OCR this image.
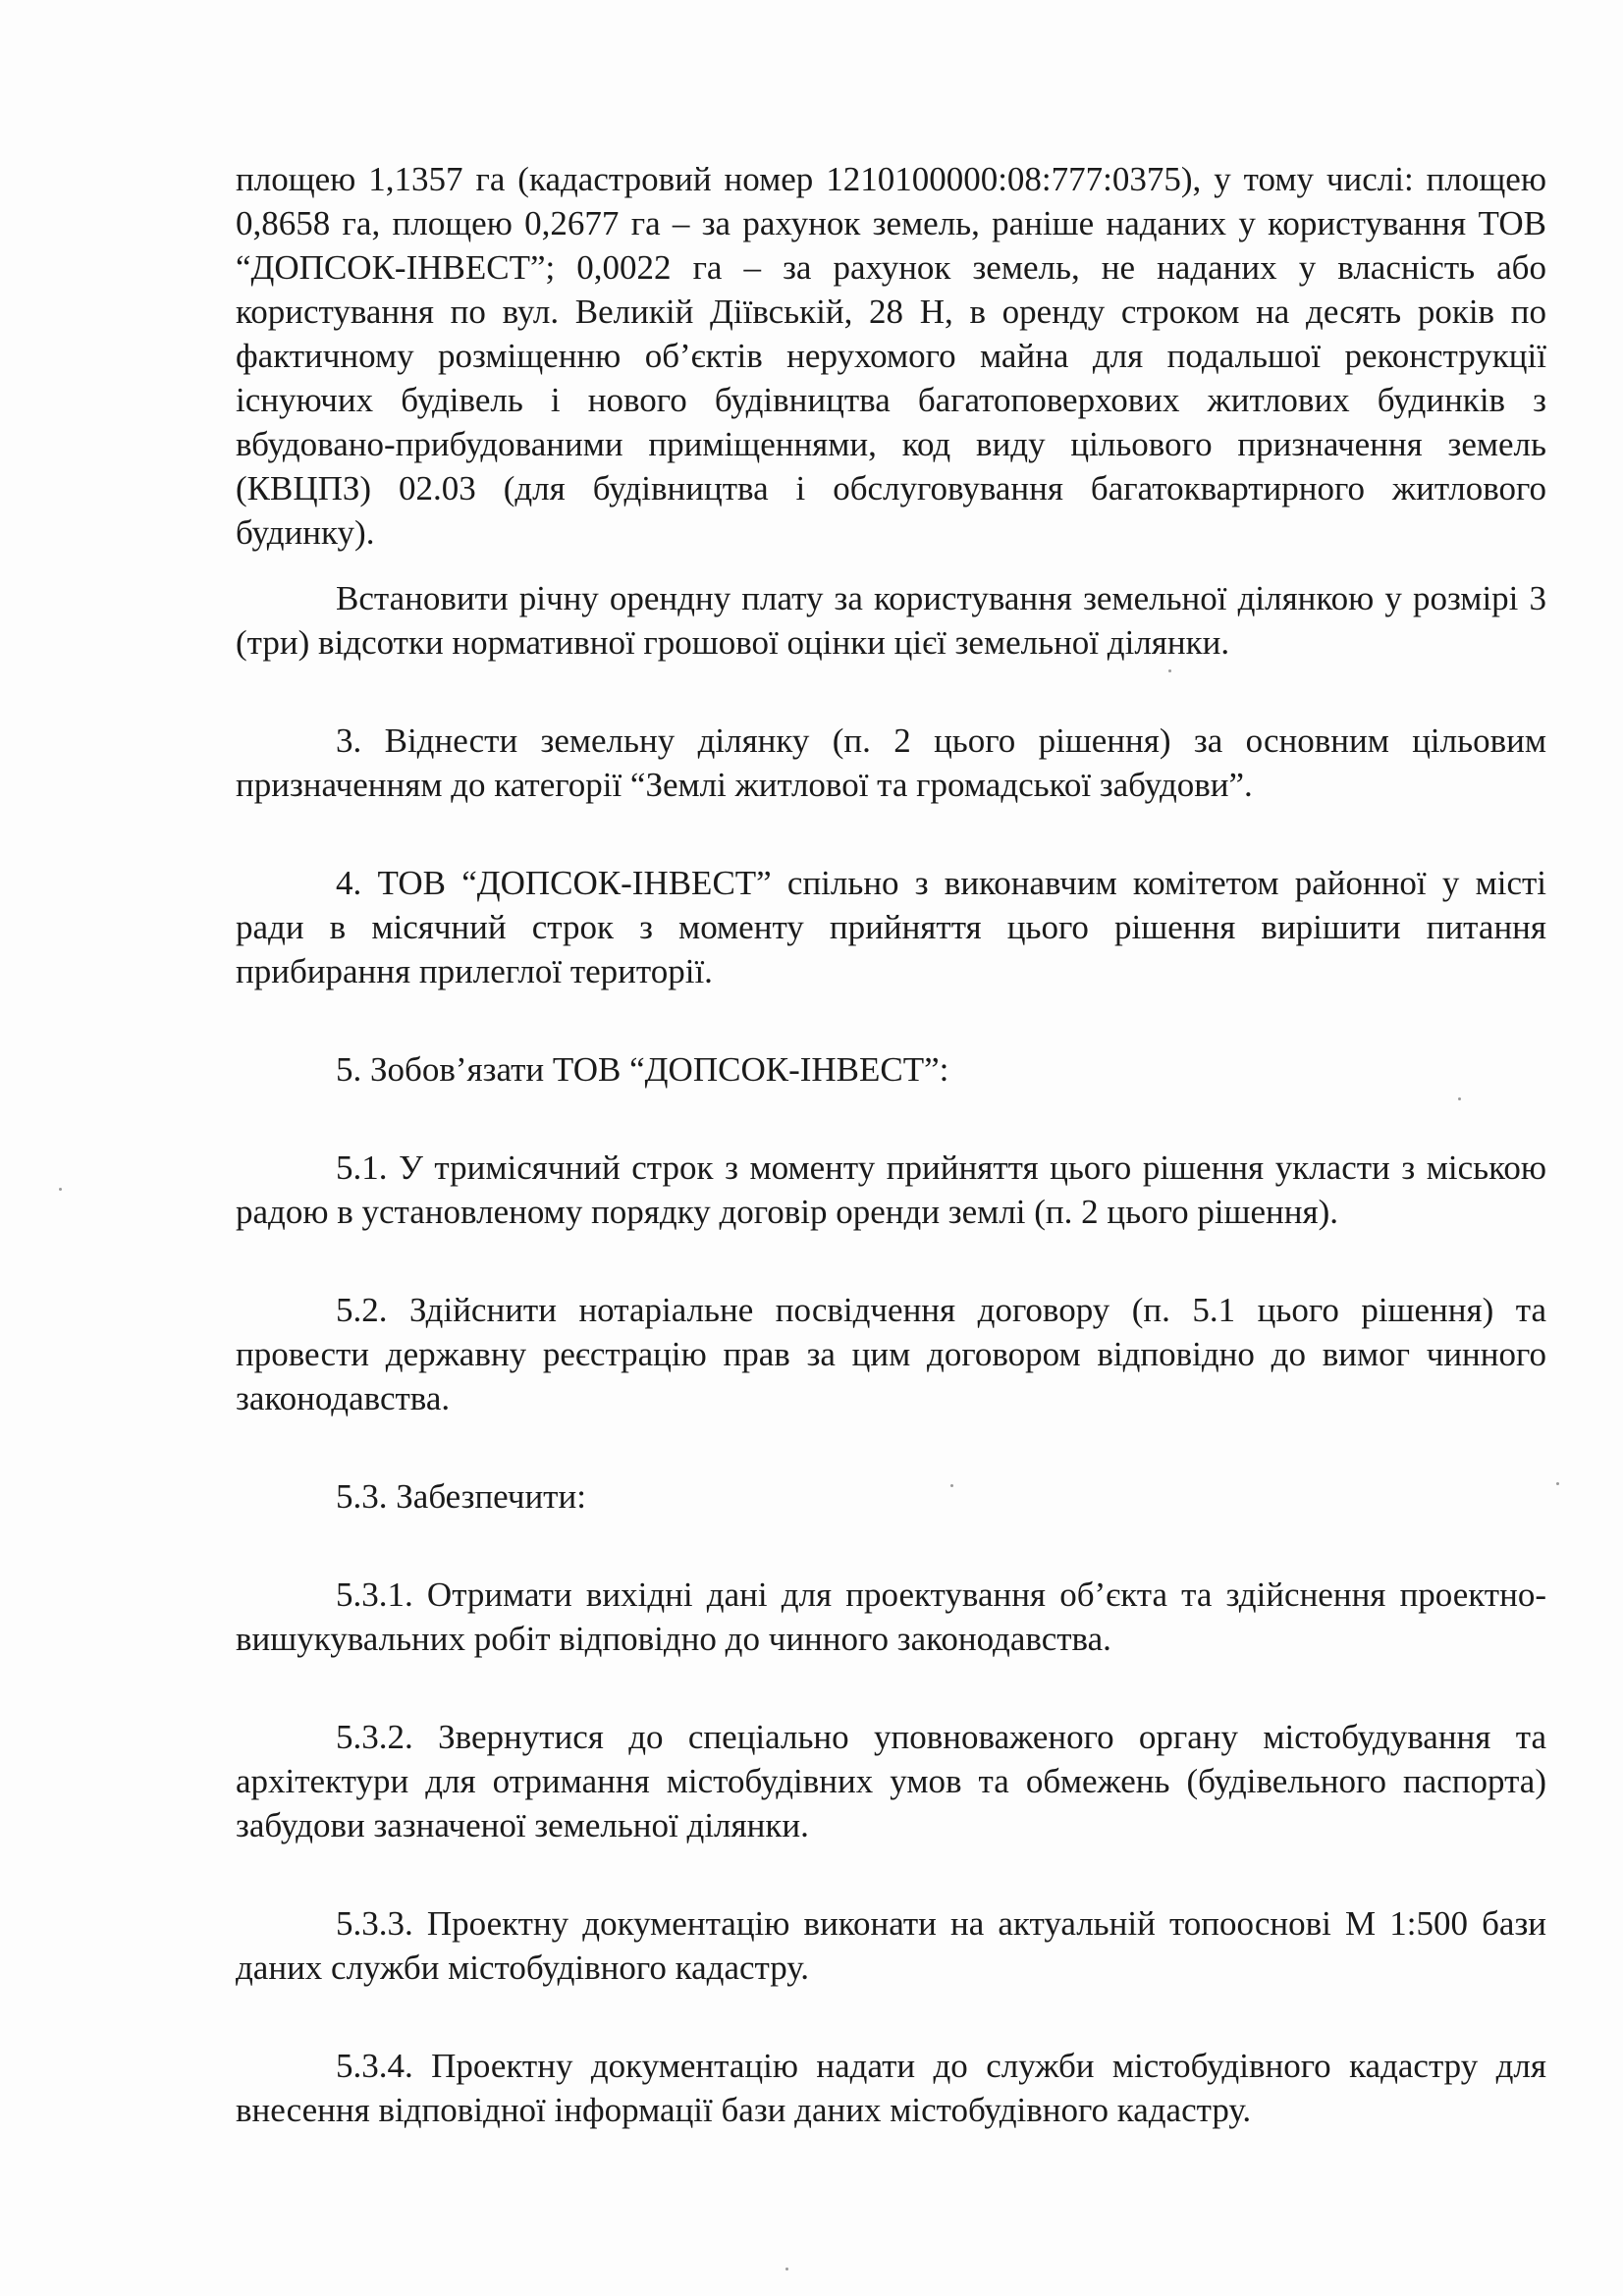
площею 1,1357 га (кадастровий номер 1210100000:08:777:0375), у тому числі: площею 0,8658 га, площею 0,2677 га – за рахунок земель, раніше наданих у користування ТОВ “ДОПСОК-ІНВЕСТ”; 0,0022 га – за рахунок земель, не наданих у власність або користування по вул. Великій Діївській, 28 Н, в оренду строком на десять років по фактичному розміщенню об’єктів нерухомого майна для подальшої реконструкції існуючих будівель і нового будівництва багатоповерхових житлових будинків з вбудовано-прибудованими приміщеннями, код виду цільового призначення земель (КВЦПЗ) 02.03 (для будівництва і обслуговування багатоквартирного житлового будинку).

Встановити річну орендну плату за користування земельної ділянкою у розмірі 3 (три) відсотки нормативної грошової оцінки цієї земельної ділянки.

3. Віднести земельну ділянку (п. 2 цього рішення) за основним цільовим призначенням до категорії “Землі житлової та громадської забудови”.

4. ТОВ “ДОПСОК-ІНВЕСТ” спільно з виконавчим комітетом районної у місті ради в місячний строк з моменту прийняття цього рішення вирішити питання прибирання прилеглої території.

5. Зобов’язати ТОВ “ДОПСОК-ІНВЕСТ”:

5.1. У тримісячний строк з моменту прийняття цього рішення укласти з міською радою в установленому порядку договір оренди землі (п. 2 цього рішення).

5.2. Здійснити нотаріальне посвідчення договору (п. 5.1 цього рішення) та провести державну реєстрацію прав за цим договором відповідно до вимог чинного законодавства.

5.3. Забезпечити:

5.3.1. Отримати вихідні дані для проектування об’єкта та здійснення проектно-вишукувальних робіт відповідно до чинного законодавства.

5.3.2. Звернутися до спеціально уповноваженого органу містобудування та архітектури для отримання містобудівних умов та обмежень (будівельного паспорта) забудови зазначеної земельної ділянки.

5.3.3. Проектну документацію виконати на актуальній топоосновi М 1:500 бази даних служби містобудівного кадастру.

5.3.4. Проектну документацію надати до служби містобудівного кадастру для внесення відповідної інформації бази даних містобудівного кадастру.
